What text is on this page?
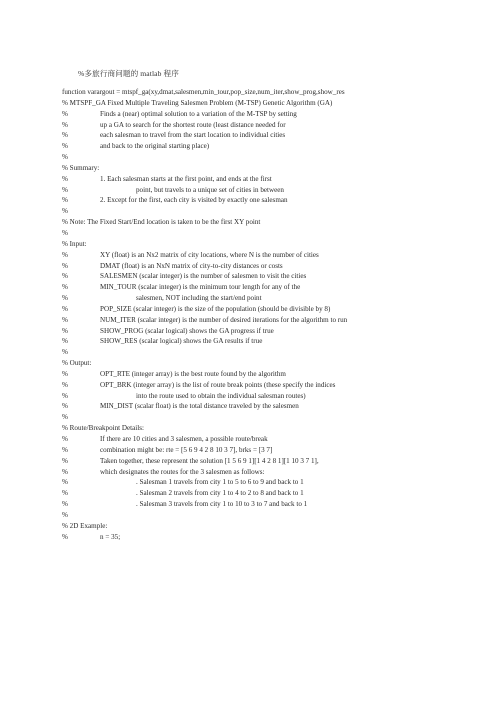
%多旅行商问题的 matlab 程序
function varargout = mtspf_ga(xy,dmat,salesmen,min_tour,pop_size,num_iter,show_prog,show_res
% MTSPF_GA Fixed Multiple Traveling Salesmen Problem (M-TSP) Genetic Algorithm (GA)
%	Finds a (near) optimal solution to a variation of the M-TSP by setting
%	up a GA to search for the shortest route (least distance needed for
%	each salesman to travel from the start location to individual cities
%	and back to the original starting place)
%
% Summary:
%	1. Each salesman starts at the first point, and ends at the first
%	point, but travels to a unique set of cities in between
%	2. Except for the first, each city is visited by exactly one salesman
%
% Note: The Fixed Start/End location is taken to be the first XY point
%
% Input:
%	XY (float) is an Nx2 matrix of city locations, where N is the number of cities
%	DMAT (float) is an NxN matrix of city-to-city distances or costs
%	SALESMEN (scalar integer) is the number of salesmen to visit the cities
%	MIN_TOUR (scalar integer) is the minimum tour length for any of the
%	salesmen, NOT including the start/end point
%	POP_SIZE (scalar integer) is the size of the population (should be divisible by 8)
%	NUM_ITER (scalar integer) is the number of desired iterations for the algorithm to run
%	SHOW_PROG (scalar logical) shows the GA progress if true
%	SHOW_RES (scalar logical) shows the GA results if true
%
% Output:
%	OPT_RTE (integer array) is the best route found by the algorithm
%	OPT_BRK (integer array) is the list of route break points (these specify the indices
%	into the route used to obtain the individual salesman routes)
%	MIN_DIST (scalar float) is the total distance traveled by the salesmen
%
% Route/Breakpoint Details:
%	If there are 10 cities and 3 salesmen, a possible route/break
%	combination might be: rte = [5 6 9 4 2 8 10 3 7], brks = [3 7]
%	Taken together, these represent the solution [1 5 6 9 1][1 4 2 8 1][1 10 3 7 1],
%	which designates the routes for the 3 salesmen as follows:
%	. Salesman 1 travels from city 1 to 5 to 6 to 9 and back to 1
%	. Salesman 2 travels from city 1 to 4 to 2 to 8 and back to 1
%	. Salesman 3 travels from city 1 to 10 to 3 to 7 and back to 1
%
% 2D Example:
%	n = 35;
